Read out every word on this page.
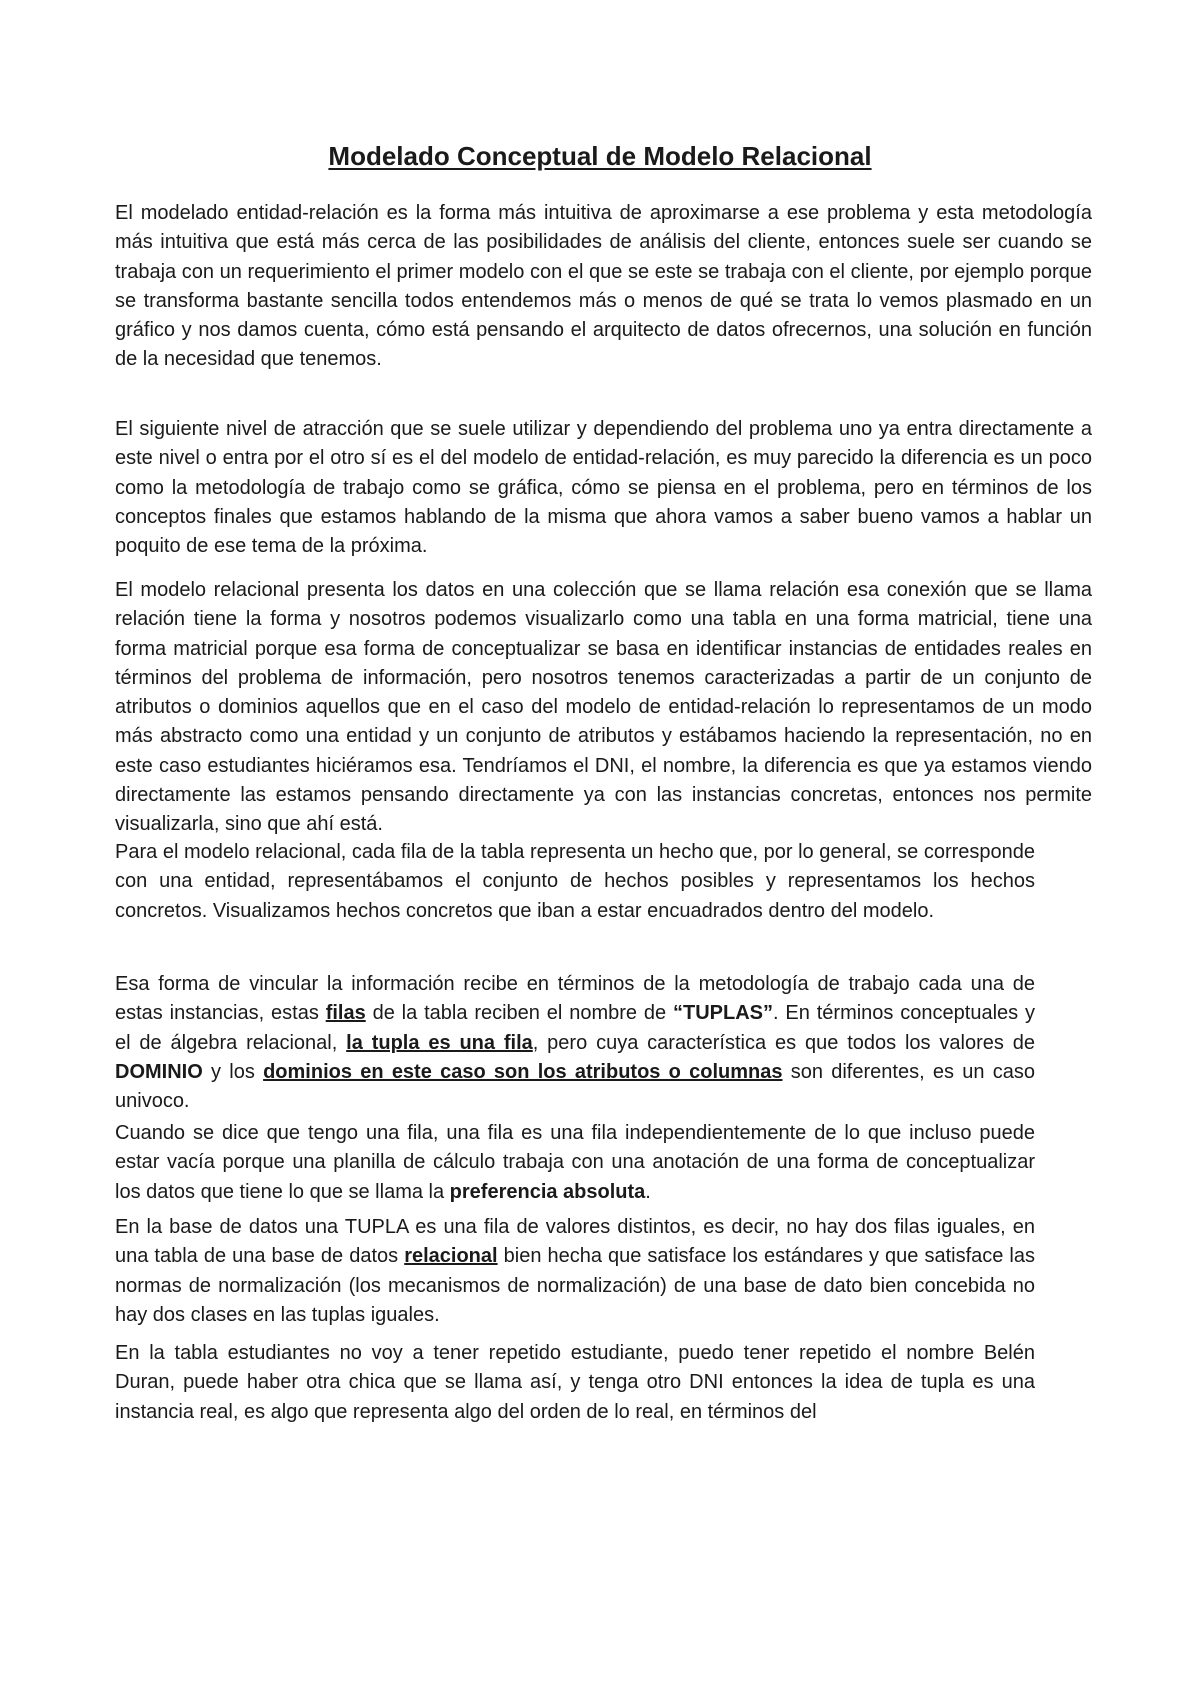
Modelado Conceptual de Modelo Relacional

El modelado entidad-relación es la forma más intuitiva de aproximarse a ese problema y esta metodología más intuitiva que está más cerca de las posibilidades de análisis del cliente, entonces suele ser cuando se trabaja con un requerimiento el primer modelo con el que se este se trabaja con el cliente, por ejemplo porque se transforma bastante sencilla todos entendemos más o menos de qué se trata lo vemos plasmado en un gráfico y nos damos cuenta, cómo está pensando el arquitecto de datos ofrecernos, una solución en función de la necesidad que tenemos.

El siguiente nivel de atracción que se suele utilizar y dependiendo del problema uno ya entra directamente a este nivel o entra por el otro sí es el del modelo de entidad-relación, es muy parecido la diferencia es un poco como la metodología de trabajo como se gráfica, cómo se piensa en el problema, pero en términos de los conceptos finales que estamos hablando de la misma que ahora vamos a saber bueno vamos a hablar un poquito de ese tema de la próxima.

El modelo relacional presenta los datos en una colección que se llama relación esa conexión que se llama relación tiene la forma y nosotros podemos visualizarlo como una tabla en una forma matricial, tiene una forma matricial porque esa forma de conceptualizar se basa en identificar instancias de entidades reales en términos del problema de información, pero nosotros tenemos caracterizadas a partir de un conjunto de atributos o dominios aquellos que en el caso del modelo de entidad-relación lo representamos de un modo más abstracto como una entidad y un conjunto de atributos y estábamos haciendo la representación, no en este caso estudiantes hiciéramos esa. Tendríamos el DNI, el nombre, la diferencia es que ya estamos viendo directamente las estamos pensando directamente ya con las instancias concretas, entonces nos permite visualizarla, sino que ahí está.

Para el modelo relacional, cada fila de la tabla representa un hecho que, por lo general, se corresponde con una entidad, representábamos el conjunto de hechos posibles y representamos los hechos concretos. Visualizamos hechos concretos que iban a estar encuadrados dentro del modelo.

Esa forma de vincular la información recibe en términos de la metodología de trabajo cada una de estas instancias, estas filas de la tabla reciben el nombre de “TUPLAS”. En términos conceptuales y el de álgebra relacional, la tupla es una fila, pero cuya característica es que todos los valores de DOMINIO y los dominios en este caso son los atributos o columnas son diferentes, es un caso univoco.

Cuando se dice que tengo una fila, una fila es una fila independientemente de lo que incluso puede estar vacía porque una planilla de cálculo trabaja con una anotación de una forma de conceptualizar los datos que tiene lo que se llama la preferencia absoluta.

En la base de datos una TUPLA es una fila de valores distintos, es decir, no hay dos filas iguales, en una tabla de una base de datos relacional bien hecha que satisface los estándares y que satisface las normas de normalización (los mecanismos de normalización) de una base de dato bien concebida no hay dos clases en las tuplas iguales.

En la tabla estudiantes no voy a tener repetido estudiante, puedo tener repetido el nombre Belén Duran, puede haber otra chica que se llama así, y tenga otro DNI entonces la idea de tupla es una instancia real, es algo que representa algo del orden de lo real, en términos del
